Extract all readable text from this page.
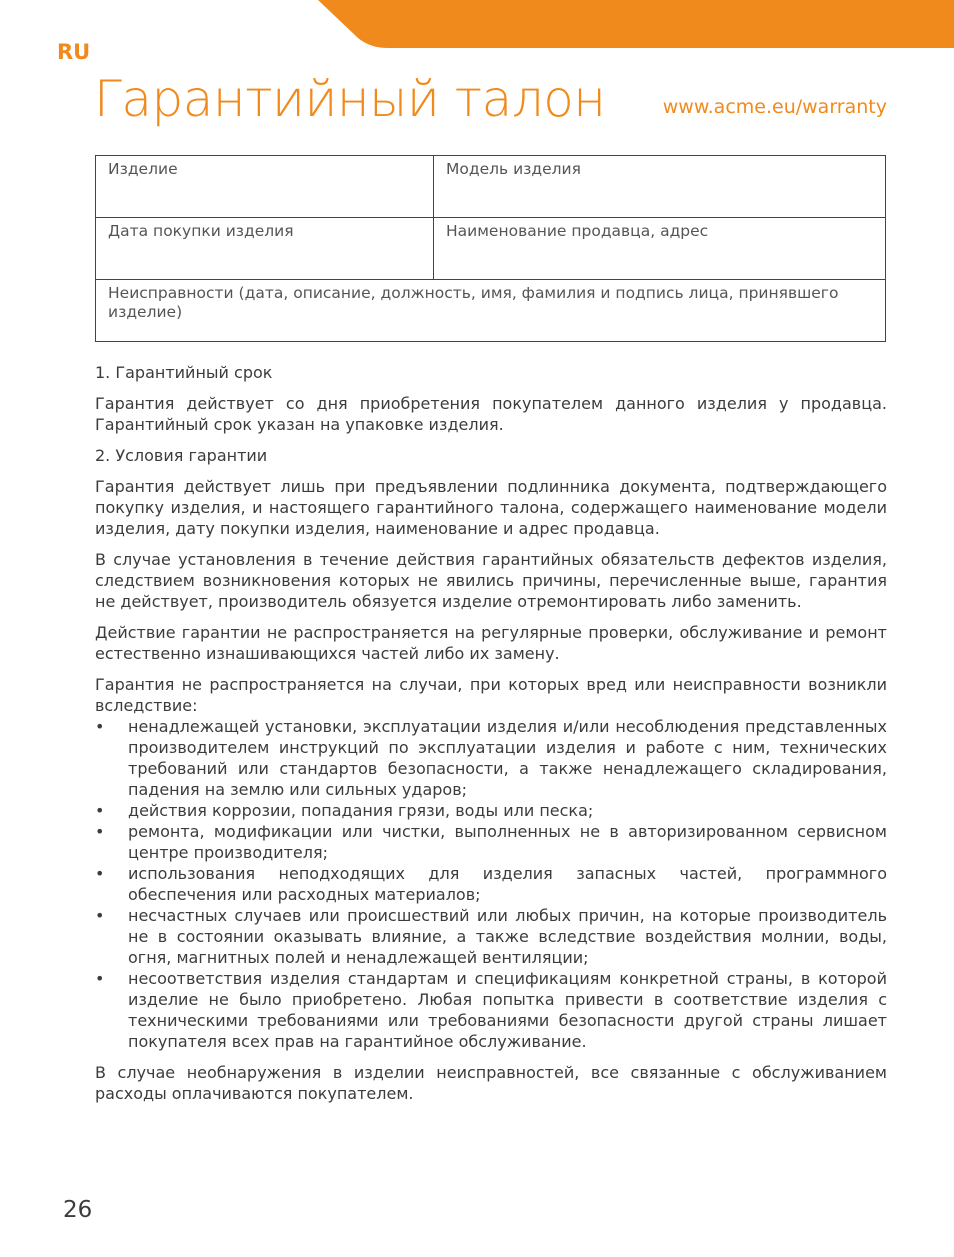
RU
Гарантийный талон	www.acme.eu/warranty
Изделие	Модель изделия
Дата покупки изделия	Наименование продавца, адрес
Неисправности (дата, описание, должность, имя, фамилия и подпись лица, принявшего изделие)	

1. Гарантийный срок

Гарантия действует со дня приобретения покупателем данного изделия у продавца. Гарантийный срок указан на упаковке изделия.

2. Условия гарантии

Гарантия действует лишь при предъявлении подлинника документа, подтверждающего покупку изделия, и настоящего гарантийного талона, содержащего наименование модели изделия, дату покупки изделия, наименование и адрес продавца.

В случае установления в течение действия гарантийных обязательств дефектов изделия, следствием возникновения которых не явились причины, перечисленные выше, гарантия не действует, производитель обязуется изделие отремонтировать либо заменить.

Действие гарантии не распространяется на регулярные проверки, обслуживание и ремонт естественно изнашивающихся частей либо их замену.

Гарантия не распространяется на случаи, при которых вред или неисправности возникли вследствие:

• ненадлежащей установки, эксплуатации изделия и/или несоблюдения представленных производителем инструкций по эксплуатации изделия и работе с ним, технических требований или стандартов безопасности, а также ненадлежащего складирования, падения на землю или сильных ударов;
• действия коррозии, попадания грязи, воды или песка;
• ремонта, модификации или чистки, выполненных не в авторизированном сервисном центре производителя;
• использования неподходящих для изделия запасных частей, программного обеспечения или расходных материалов;
• несчастных случаев или происшествий или любых причин, на которые производитель не в состоянии оказывать влияние, а также вследствие воздействия молнии, воды, огня, магнитных полей и ненадлежащей вентиляции;
• несоответствия изделия стандартам и спецификациям конкретной страны, в которой изделие не было приобретено. Любая попытка привести в соответствие изделия с техническими требованиями или требованиями безопасности другой страны лишает покупателя всех прав на гарантийное обслуживание.

В случае необнаружения в изделии неисправностей, все связанные с обслуживанием расходы оплачиваются покупателем.

26
